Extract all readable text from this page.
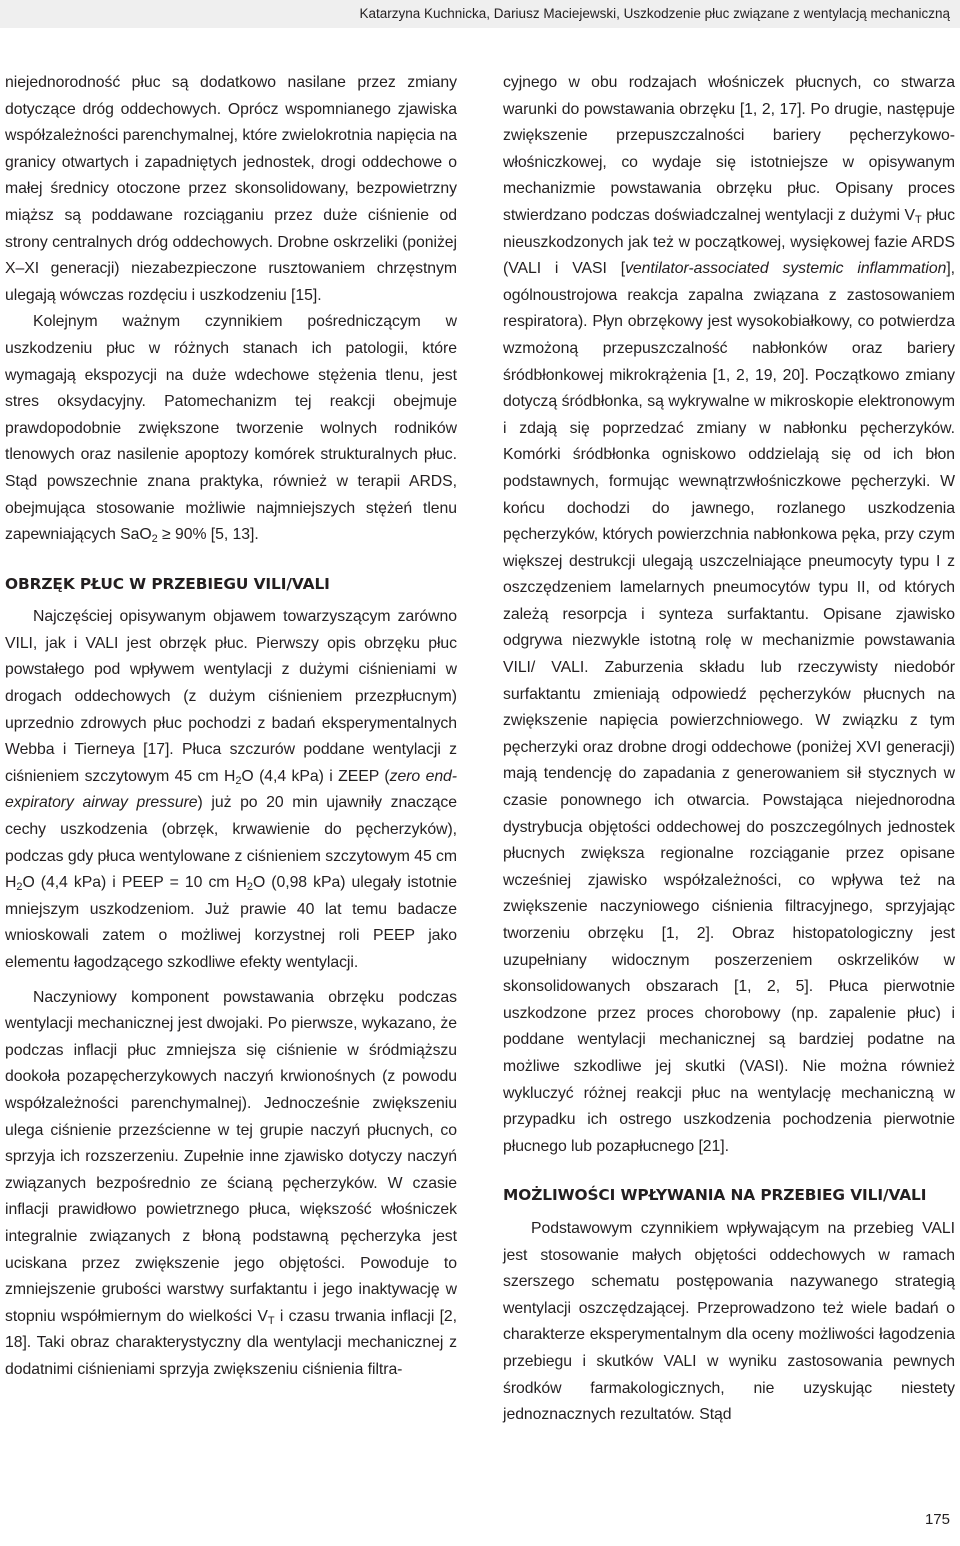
Katarzyna Kuchnicka, Dariusz Maciejewski, Uszkodzenie płuc związane z wentylacją mechaniczną

niejednorodność płuc są dodatkowo nasilane przez zmiany dotyczące dróg oddechowych. Oprócz wspomnianego zjawiska współzależności parenchymalnej, które zwielokrotnia napięcia na granicy otwartych i zapadniętych jednostek, drogi oddechowe o małej średnicy otoczone przez skonsolidowany, bezpowietrzny miąższ są poddawane rozciąganiu przez duże ciśnienie od strony centralnych dróg oddechowych. Drobne oskrzeliki (poniżej X–XI generacji) niezabezpieczone rusztowaniem chrzęstnym ulegają wówczas rozdęciu i uszkodzeniu [15].

Kolejnym ważnym czynnikiem pośredniczącym w uszkodzeniu płuc w różnych stanach ich patologii, które wymagają ekspozycji na duże wdechowe stężenia tlenu, jest stres oksydacyjny. Patomechanizm tej reakcji obejmuje prawdopodobnie zwiększone tworzenie wolnych rodników tlenowych oraz nasilenie apoptozy komórek strukturalnych płuc. Stąd powszechnie znana praktyka, również w terapii ARDS, obejmująca stosowanie możliwie najmniejszych stężeń tlenu zapewniających SaO$_2$ ≥ 90% [5, 13].

OBRZĘK PŁUC W PRZEBIEGU VILI/VALI

Najczęściej opisywanym objawem towarzyszącym zarówno VILI, jak i VALI jest obrzęk płuc. Pierwszy opis obrzęku płuc powstałego pod wpływem wentylacji z dużymi ciśnieniami w drogach oddechowych (z dużym ciśnieniem przezpłucnym) uprzednio zdrowych płuc pochodzi z badań eksperymentalnych Webba i Tierneya [17]. Płuca szczurów poddane wentylacji z ciśnieniem szczytowym 45 cm $H_2O$ (4,4 kPa) i ZEEP (zero end-expiratory airway pressure) już po 20 min ujawniły znaczące cechy uszkodzenia (obrzęk, krwawienie do pęcherzyków), podczas gdy płuca wentylowane z ciśnieniem szczytowym 45 cm $H_2O$ (4,4 kPa) i PEEP = 10 cm $H_2O$ (0,98 kPa) ulegały istotnie mniejszym uszkodzeniom. Już prawie 40 lat temu badacze wnioskowali zatem o możliwej korzystnej roli PEEP jako elementu łagodzącego szkodliwe efekty wentylacji.

Naczyniowy komponent powstawania obrzęku podczas wentylacji mechanicznej jest dwojaki. Po pierwsze, wykazano, że podczas inflacji płuc zmniejsza się ciśnienie w śródmiąższu dookoła pozapęcherzykowych naczyń krwionośnych (z powodu współzależności parenchymalnej). Jednocześnie zwiększeniu ulega ciśnienie przezścienne w tej grupie naczyń płucnych, co sprzyja ich rozszerzeniu. Zupełnie inne zjawisko dotyczy naczyń związanych bezpośrednio ze ścianą pęcherzyków. W czasie inflacji prawidłowo powietrznego płuca, większość włośniczek integralnie związanych z błoną podstawną pęcherzyka jest uciskana przez zwiększenie jego objętości. Powoduje to zmniejszenie grubości warstwy surfaktantu i jego inaktywację w stopniu współmiernym do wielkości $V_T$ i czasu trwania inflacji [2, 18]. Taki obraz charakterystyczny dla wentylacji mechanicznej z dodatnimi ciśnieniami sprzyja zwiększeniu ciśnienia filtra-

cyjnego w obu rodzajach włośniczek płucnych, co stwarza warunki do powstawania obrzęku [1, 2, 17]. Po drugie, następuje zwiększenie przepuszczalności bariery pęcherzykowo-włośniczkowej, co wydaje się istotniejsze w opisywanym mechanizmie powstawania obrzęku płuc. Opisany proces stwierdzano podczas doświadczalnej wentylacji z dużymi $V_T$ płuc nieuszkodzonych jak też w początkowej, wysiękowej fazie ARDS (VALI i VASI [ventilator-associated systemic inflammation], ogólnoustrojowa reakcja zapalna związana z zastosowaniem respiratora). Płyn obrzękowy jest wysokobiałkowy, co potwierdza wzmożoną przepuszczalność nabłonków oraz bariery śródbłonkowej mikrokrążenia [1, 2, 19, 20]. Początkowo zmiany dotyczą śródbłonka, są wykrywalne w mikroskopie elektronowym i zdają się poprzedzać zmiany w nabłonku pęcherzyków. Komórki śródbłonka ogniskowo oddzielają się od ich błon podstawnych, formując wewnątrzwłośniczkowe pęcherzyki. W końcu dochodzi do jawnego, rozlanego uszkodzenia pęcherzyków, których powierzchnia nabłonkowa pęka, przy czym większej destrukcji ulegają uszczelniające pneumocyty typu I z oszczędzeniem lamelarnych pneumocytów typu II, od których zależą resorpcja i synteza surfaktantu. Opisane zjawisko odgrywa niezwykle istotną rolę w mechanizmie powstawania VILI/ VALI. Zaburzenia składu lub rzeczywisty niedobór surfaktantu zmieniają odpowiedź pęcherzyków płucnych na zwiększenie napięcia powierzchniowego. W związku z tym pęcherzyki oraz drobne drogi oddechowe (poniżej XVI generacji) mają tendencję do zapadania z generowaniem sił stycznych w czasie ponownego ich otwarcia. Powstająca niejednorodna dystrybucja objętości oddechowej do poszczególnych jednostek płucnych zwiększa regionalne rozciąganie przez opisane wcześniej zjawisko współzależności, co wpływa też na zwiększenie naczyniowego ciśnienia filtracyjnego, sprzyjając tworzeniu obrzęku [1, 2]. Obraz histopatologiczny jest uzupełniany widocznym poszerzeniem oskrzelików w skonsolidowanych obszarach [1, 2, 5]. Płuca pierwotnie uszkodzone przez proces chorobowy (np. zapalenie płuc) i poddane wentylacji mechanicznej są bardziej podatne na możliwe szkodliwe jej skutki (VASI). Nie można również wykluczyć różnej reakcji płuc na wentylację mechaniczną w przypadku ich ostrego uszkodzenia pochodzenia pierwotnie płucnego lub pozapłucnego [21].

MOŻLIWOŚCI WPŁYWANIA NA PRZEBIEG VILI/VALI

Podstawowym czynnikiem wpływającym na przebieg VALI jest stosowanie małych objętości oddechowych w ramach szerszego schematu postępowania nazywanego strategią wentylacji oszczędzającej. Przeprowadzono też wiele badań o charakterze eksperymentalnym dla oceny możliwości łagodzenia przebiegu i skutków VALI w wyniku zastosowania pewnych środków farmakologicznych, nie uzyskując niestety jednoznacznych rezultatów. Stąd

175
